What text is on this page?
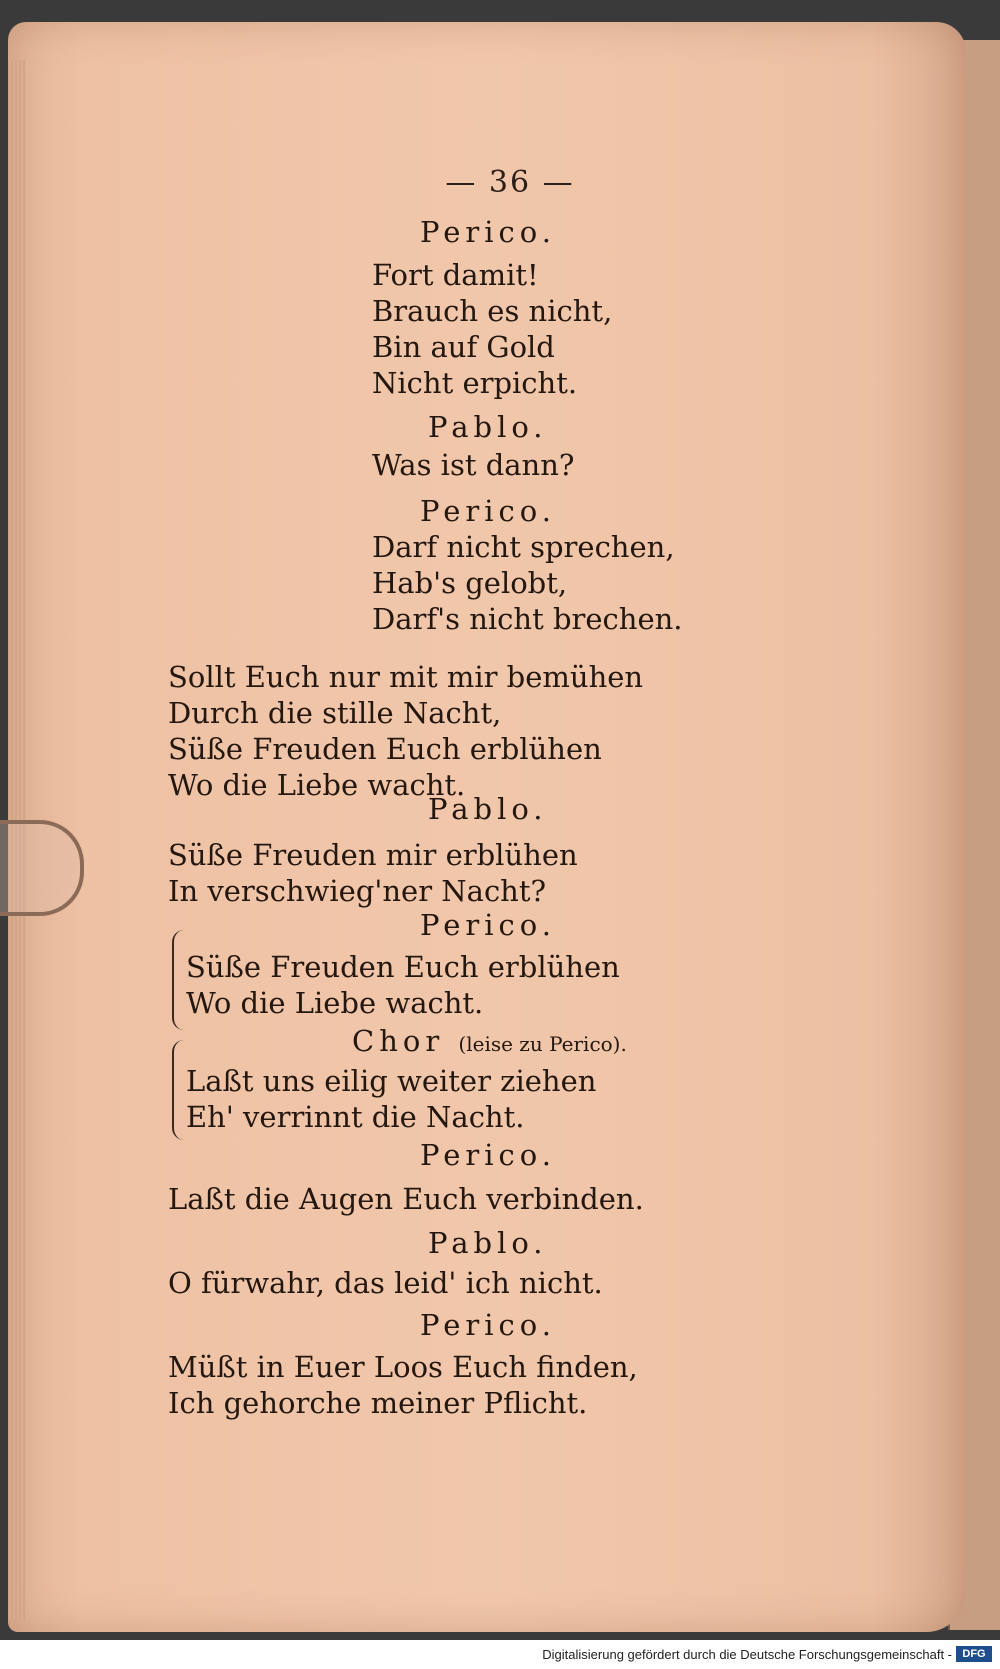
— 36 —
Perico.
Fort damit!
Brauch es nicht,
Bin auf Gold
Nicht erpicht.
Pablo.
Was ist dann?
Perico.
Darf nicht sprechen,
Hab's gelobt,
Darf's nicht brechen.
Sollt Euch nur mit mir bemühen
Durch die stille Nacht,
Süße Freuden Euch erblühen
Wo die Liebe wacht.
Pablo.
Süße Freuden mir erblühen
In verschwieg'ner Nacht?
Perico.
Süße Freuden Euch erblühen
Wo die Liebe wacht.
Chor (leise zu Perico).
Laßt uns eilig weiter ziehen
Eh' verrinnt die Nacht.
Perico.
Laßt die Augen Euch verbinden.
Pablo.
O fürwahr, das leid' ich nicht.
Perico.
Müßt in Euer Loos Euch finden,
Ich gehorche meiner Pflicht.
Digitalisierung gefördert durch die Deutsche Forschungsgemeinschaft - DFG
